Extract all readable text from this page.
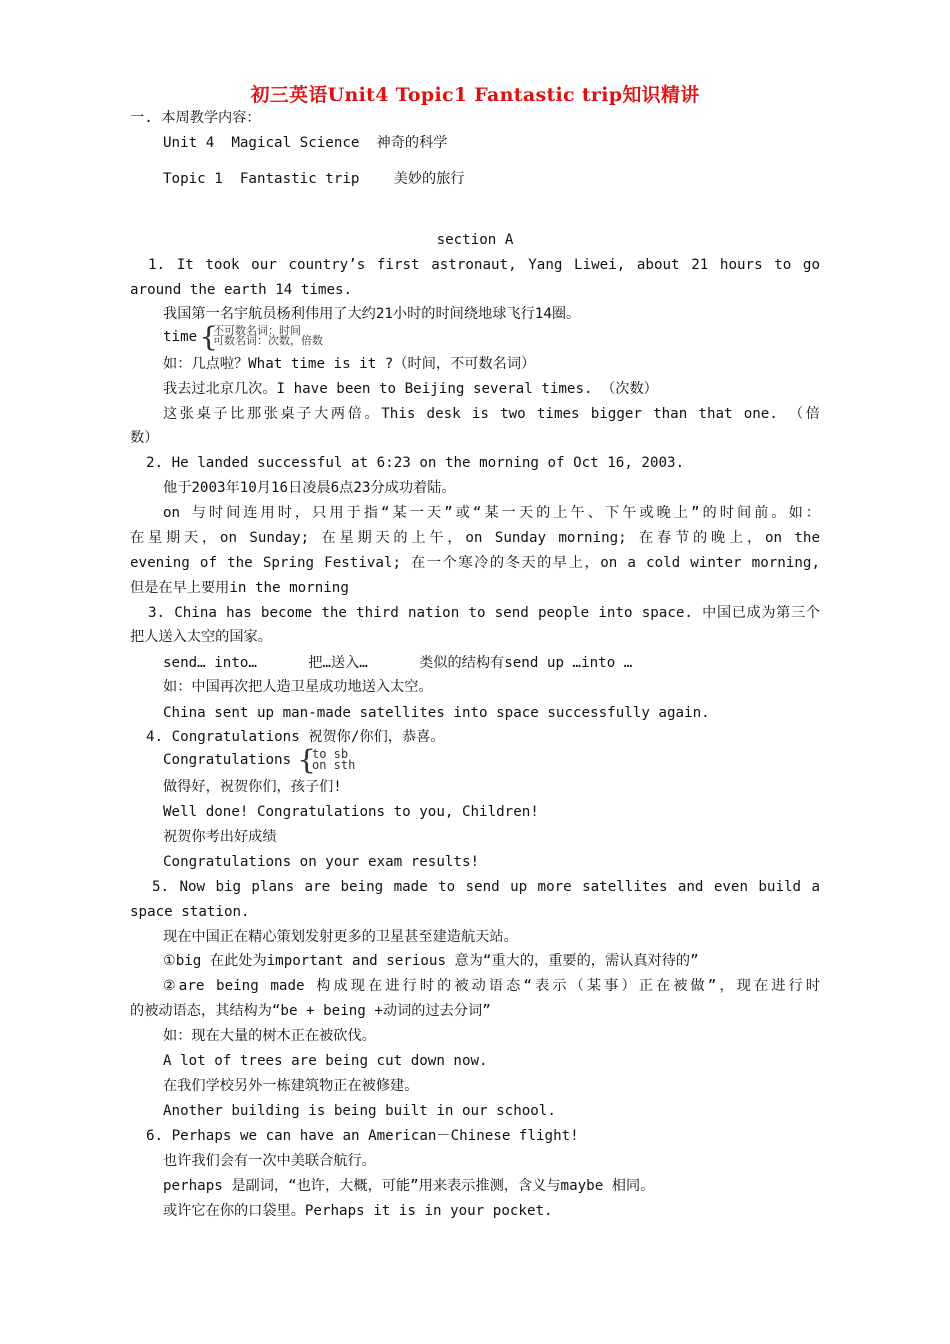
初三英语Unit4 Topic1 Fantastic trip知识精讲
一. 本周教学内容：
Unit 4  Magical Science  神奇的科学
Topic 1  Fantastic trip    美妙的旅行
section A
1. It took our country’s first astronaut, Yang Liwei, about 21 hours to go
around the earth 14 times.
我国第一名宇航员杨利伟用了大约21小时的时间绕地球飞行14圈。
time {
不可数名词：时间
可数名词：次数，倍数
如：几点啦？What time is it ?（时间，不可数名词）
我去过北京几次。I have been to Beijing several times. （次数）
这张桌子比那张桌子大两倍。This desk is two times bigger than that one. （倍
数）
2. He landed successful at 6:23 on the morning of Oct 16, 2003.
他于2003年10月16日凌晨6点23分成功着陆。
on 与时间连用时，只用于指“某一天”或“某一天的上午、下午或晚上”的时间前。如：
在星期天，on Sunday; 在星期天的上午，on Sunday morning; 在春节的晚上，on the
evening of the Spring Festival; 在一个寒冷的冬天的早上，on a cold winter morning,
但是在早上要用in the morning
3. China has become the third nation to send people into space. 中国已成为第三个
把人送入太空的国家。
send… into…      把…送入…      类似的结构有send up …into …
如：中国再次把人造卫星成功地送入太空。
China sent up man-made satellites into space successfully again.
4. Congratulations 祝贺你/你们，恭喜。
Congratulations {
to sb
on sth
做得好，祝贺你们，孩子们!
Well done! Congratulations to you, Children!
祝贺你考出好成绩
Congratulations on your exam results!
5. Now big plans are being made to send up more satellites and even build a
space station.
现在中国正在精心策划发射更多的卫星甚至建造航天站。
①big 在此处为important and serious 意为“重大的，重要的，需认真对待的”
②are being made 构成现在进行时的被动语态“表示（某事）正在被做”，现在进行时
的被动语态，其结构为“be + being +动词的过去分词”
如：现在大量的树木正在被砍伐。
A lot of trees are being cut down now.
在我们学校另外一栋建筑物正在被修建。
Another building is being built in our school.
6. Perhaps we can have an American－Chinese flight!
也许我们会有一次中美联合航行。
perhaps 是副词，“也许，大概，可能”用来表示推测，含义与maybe 相同。
或许它在你的口袋里。Perhaps it is in your pocket.
